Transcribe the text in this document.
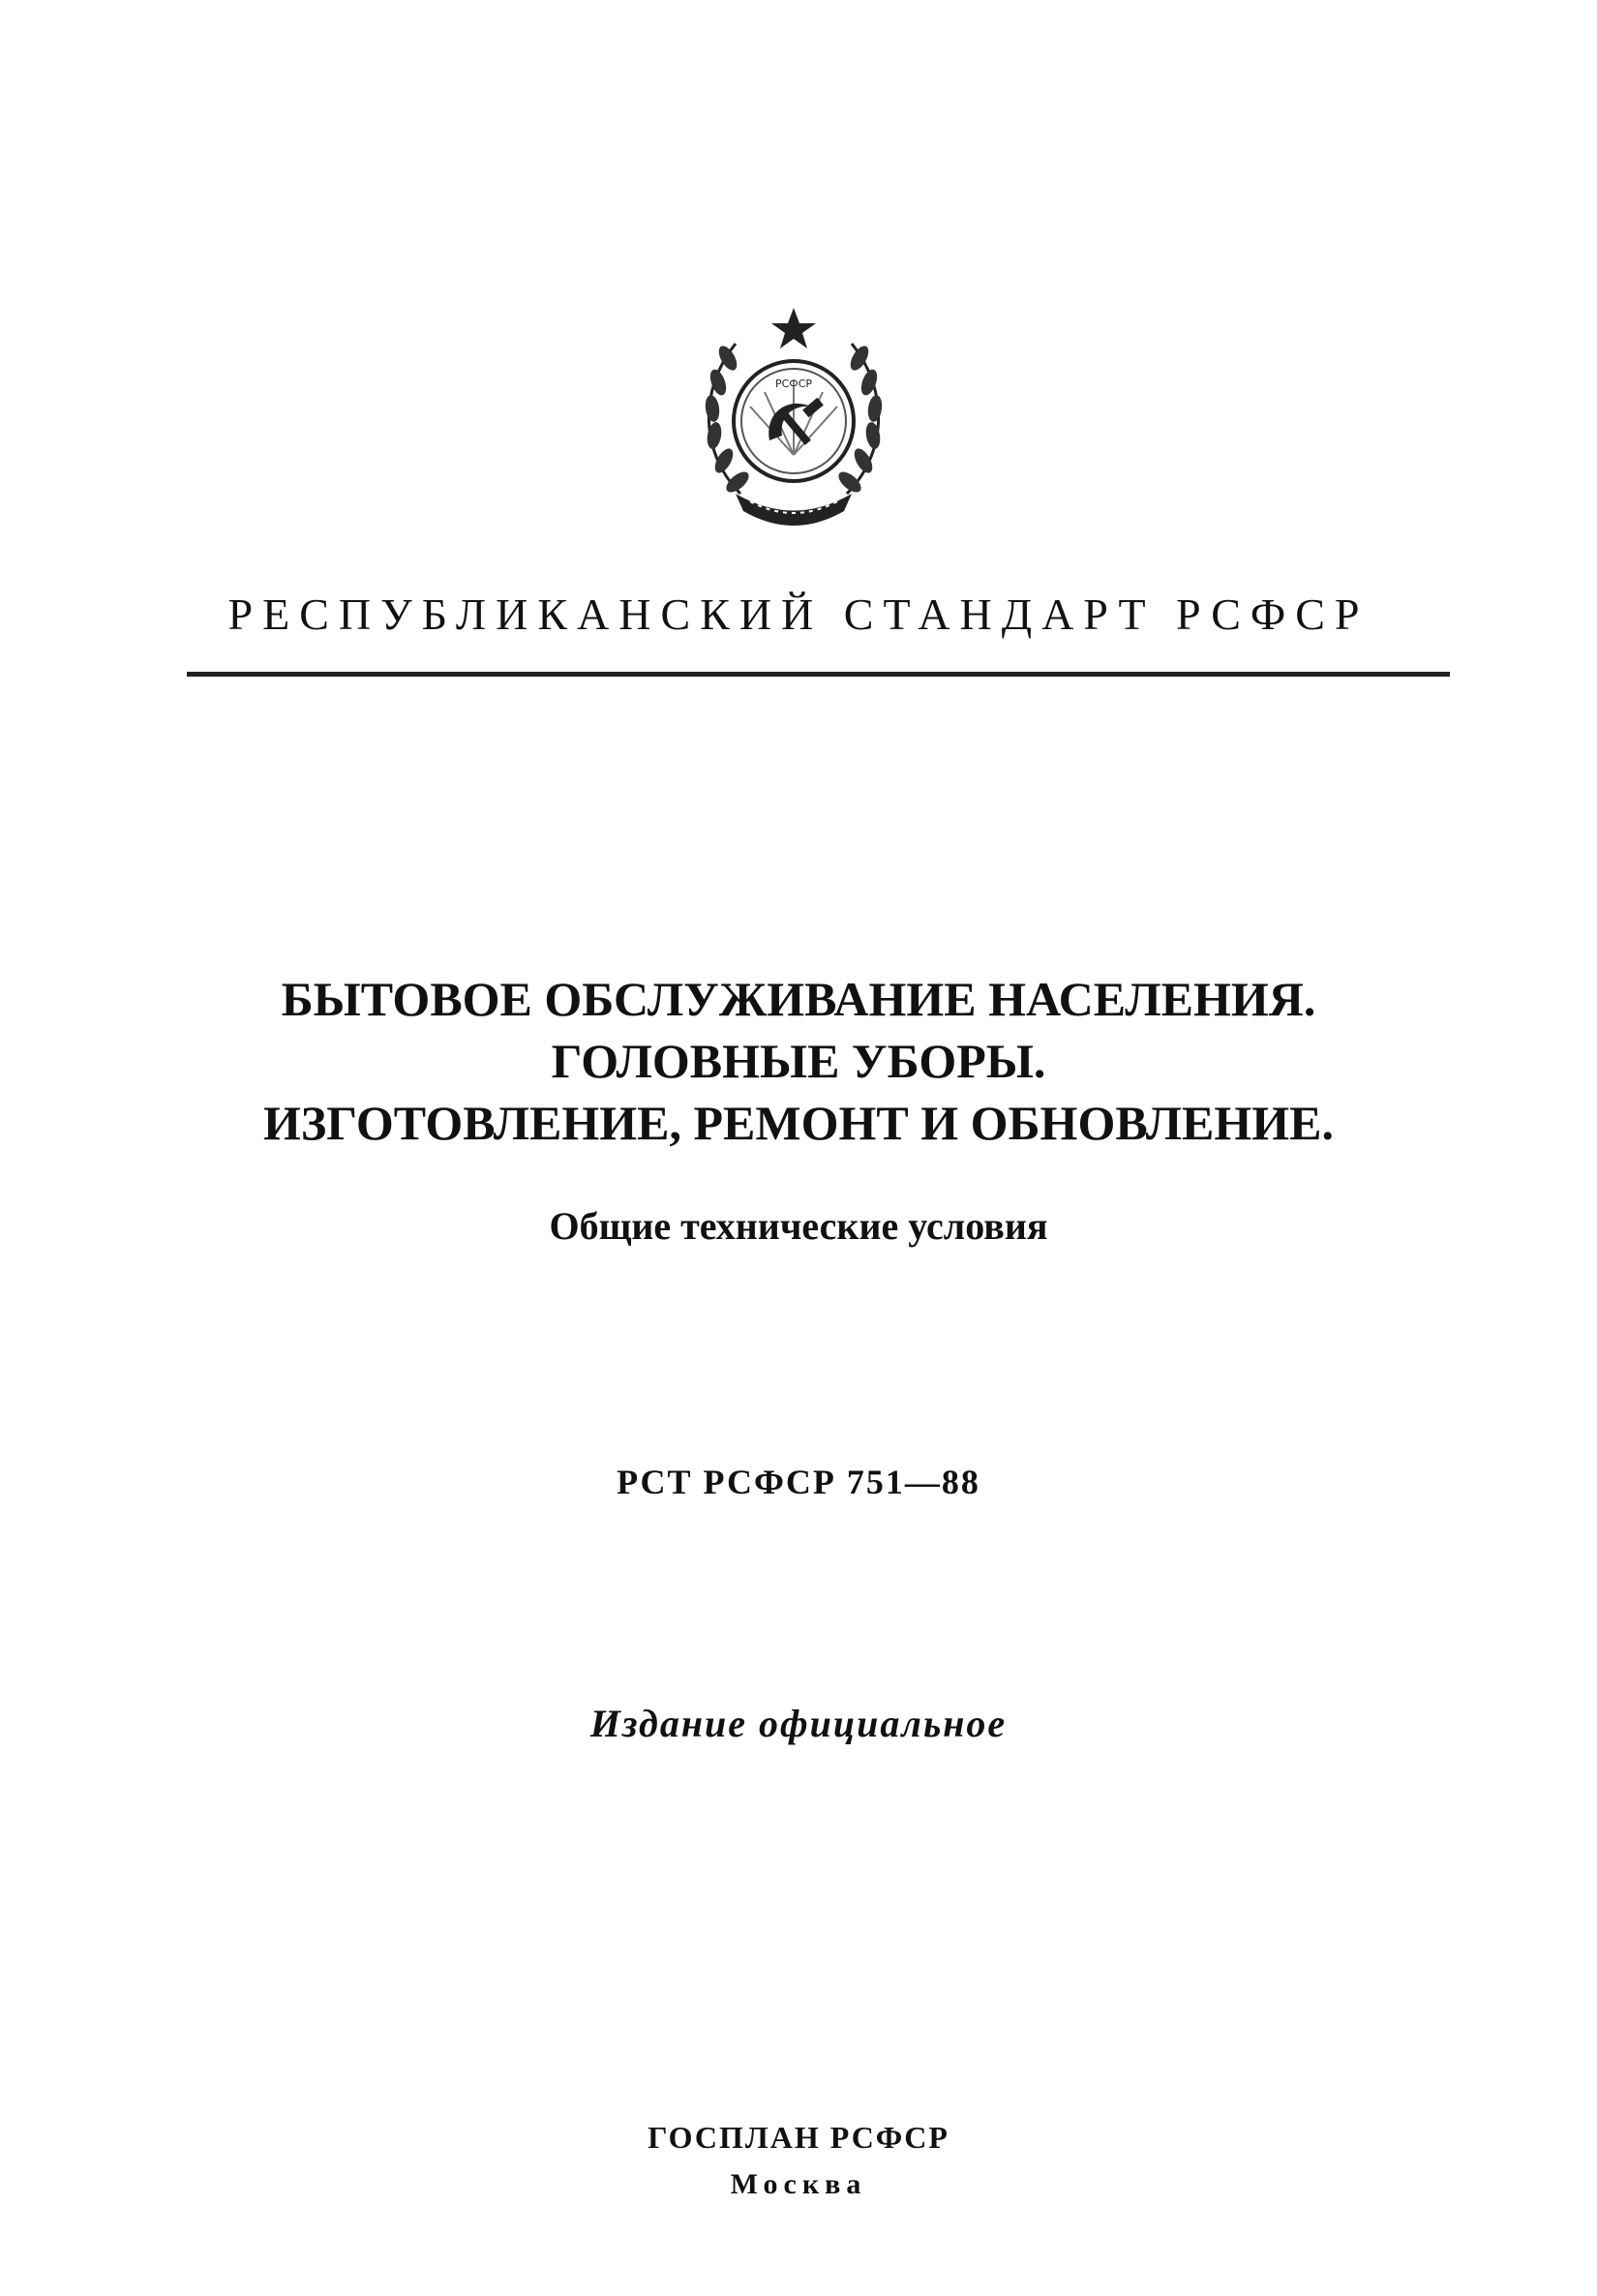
РСФСР
РЕСПУБЛИКАНСКИЙ СТАНДАРТ РСФСР
БЫТОВОЕ ОБСЛУЖИВАНИЕ НАСЕЛЕНИЯ.
ГОЛОВНЫЕ УБОРЫ.
ИЗГОТОВЛЕНИЕ, РЕМОНТ И ОБНОВЛЕНИЕ.
Общие технические условия
РСТ РСФСР 751—88
Издание официальное
ГОСПЛАН РСФСР
Москва
